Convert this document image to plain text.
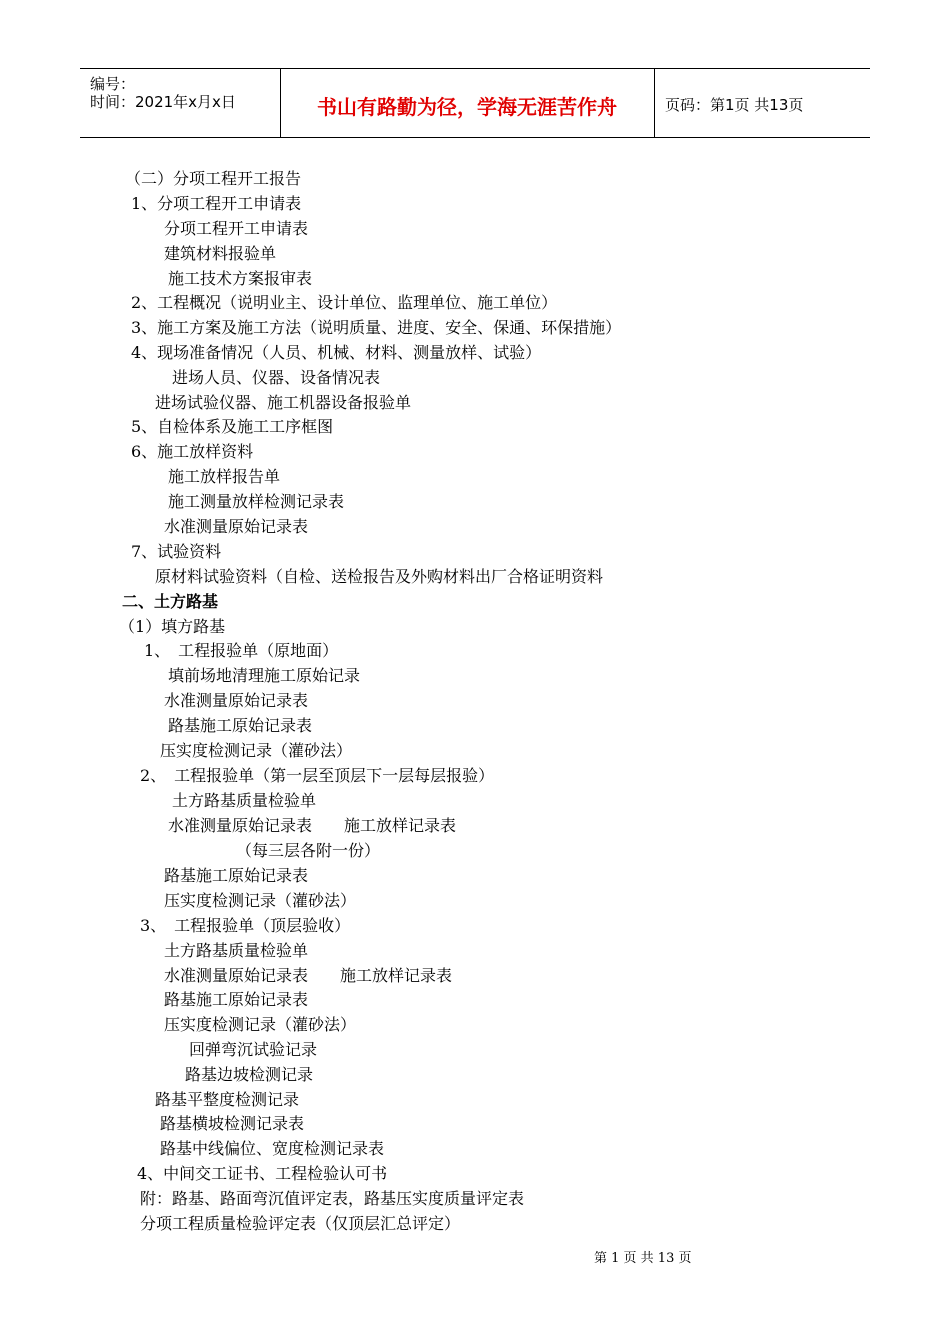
编号：
时间：2021年x月x日	书山有路勤为径，学海无涯苦作舟	页码：第1页 共13页
（二）分项工程开工报告
1、分项工程开工申请表
分项工程开工申请表
建筑材料报验单
施工技术方案报审表
2、工程概况（说明业主、设计单位、监理单位、施工单位）
3、施工方案及施工方法（说明质量、进度、安全、保通、环保措施）
4、现场准备情况（人员、机械、材料、测量放样、试验）
进场人员、仪器、设备情况表
进场试验仪器、施工机器设备报验单
5、自检体系及施工工序框图
6、施工放样资料
施工放样报告单
施工测量放样检测记录表
水准测量原始记录表
7、试验资料
原材料试验资料（自检、送检报告及外购材料出厂合格证明资料
二、土方路基
（1）填方路基
1、　工程报验单（原地面）
填前场地清理施工原始记录
水准测量原始记录表
路基施工原始记录表
压实度检测记录（灌砂法）
2、　工程报验单（第一层至顶层下一层每层报验）
土方路基质量检验单
水准测量原始记录表 施工放样记录表
（每三层各附一份）
路基施工原始记录表
压实度检测记录（灌砂法）
3、　工程报验单（顶层验收）
土方路基质量检验单
水准测量原始记录表 施工放样记录表
路基施工原始记录表
压实度检测记录（灌砂法）
回弹弯沉试验记录
路基边坡检测记录
路基平整度检测记录
路基横坡检测记录表
路基中线偏位、宽度检测记录表
4、中间交工证书、工程检验认可书
附：路基、路面弯沉值评定表，路基压实度质量评定表
分项工程质量检验评定表（仅顶层汇总评定）
第 1 页 共 13 页
